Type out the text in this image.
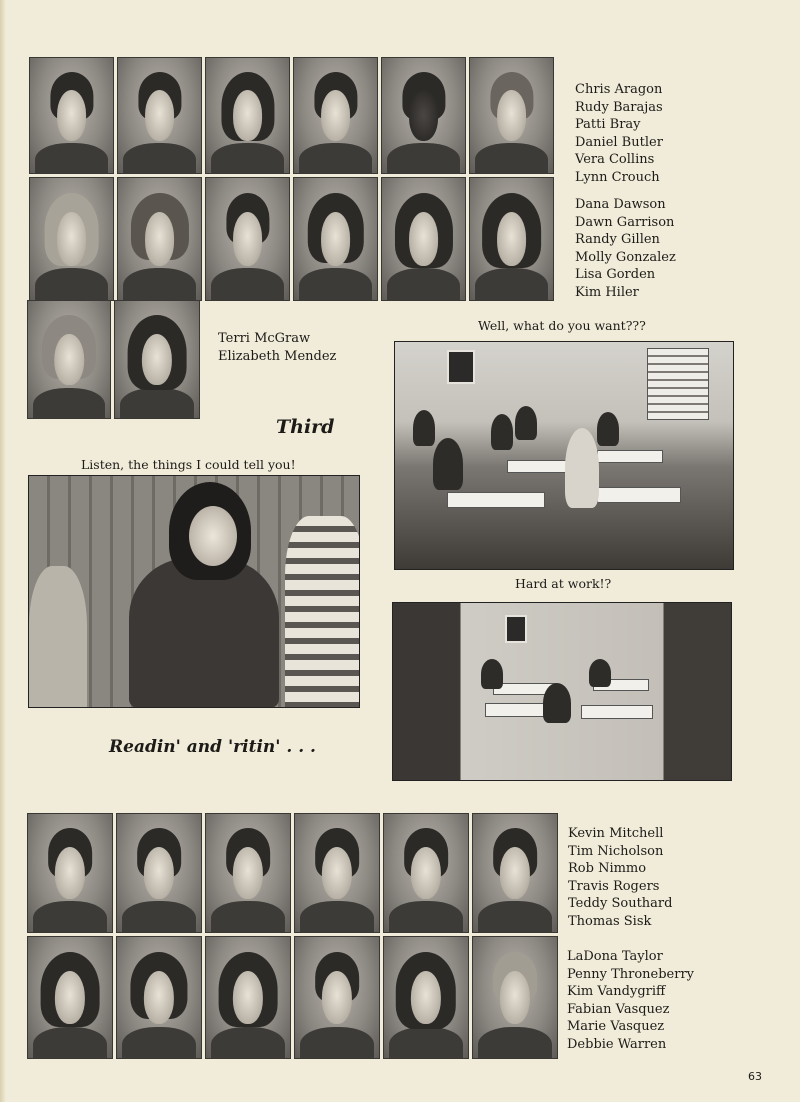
Chris Aragon
Rudy Barajas
Patti Bray
Daniel Butler
Vera Collins
Lynn Crouch
Dana Dawson
Dawn Garrison
Randy Gillen
Molly Gonzalez
Lisa Gorden
Kim Hiler
Terri McGraw
Elizabeth Mendez
Well, what do you want???
Third
Listen, the things I could tell you!
Hard at work!?
Readin' and 'ritin' . . .
Kevin Mitchell
Tim Nicholson
Rob Nimmo
Travis Rogers
Teddy Southard
Thomas Sisk
LaDona Taylor
Penny Throneberry
Kim Vandygriff
Fabian Vasquez
Marie Vasquez
Debbie Warren
63
